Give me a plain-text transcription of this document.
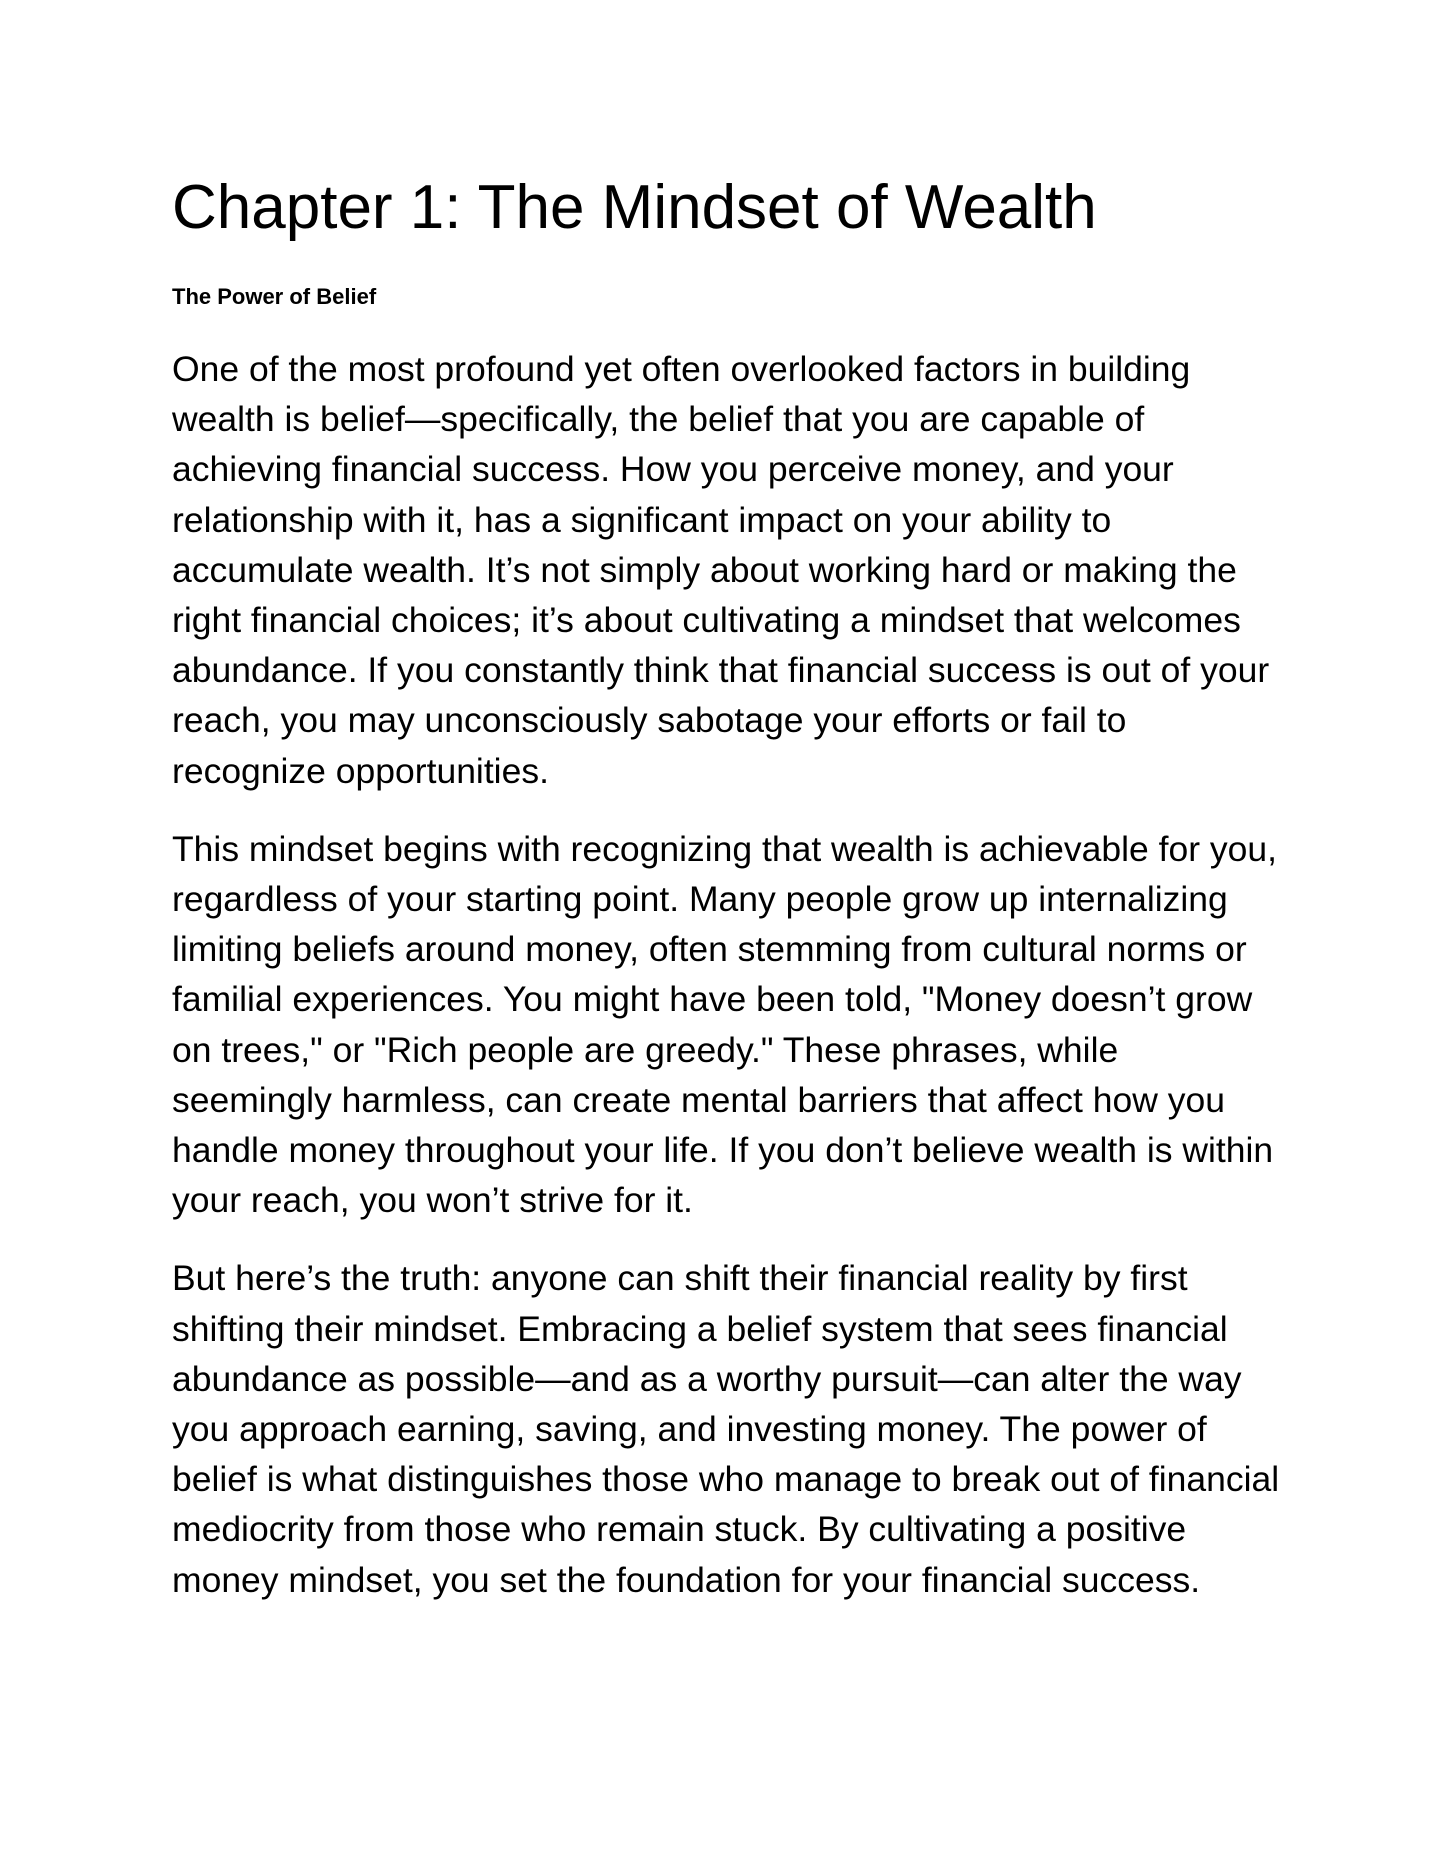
Chapter 1: The Mindset of Wealth
The Power of Belief

One of the most profound yet often overlooked factors in building wealth is belief—specifically, the belief that you are capable of achieving financial success. How you perceive money, and your relationship with it, has a significant impact on your ability to accumulate wealth. It’s not simply about working hard or making the right financial choices; it’s about cultivating a mindset that welcomes abundance. If you constantly think that financial success is out of your reach, you may unconsciously sabotage your efforts or fail to recognize opportunities.

This mindset begins with recognizing that wealth is achievable for you, regardless of your starting point. Many people grow up internalizing limiting beliefs around money, often stemming from cultural norms or familial experiences. You might have been told, "Money doesn’t grow on trees," or "Rich people are greedy." These phrases, while seemingly harmless, can create mental barriers that affect how you handle money throughout your life. If you don’t believe wealth is within your reach, you won’t strive for it.

But here’s the truth: anyone can shift their financial reality by first shifting their mindset. Embracing a belief system that sees financial abundance as possible—and as a worthy pursuit—can alter the way you approach earning, saving, and investing money. The power of belief is what distinguishes those who manage to break out of financial mediocrity from those who remain stuck. By cultivating a positive money mindset, you set the foundation for your financial success.
